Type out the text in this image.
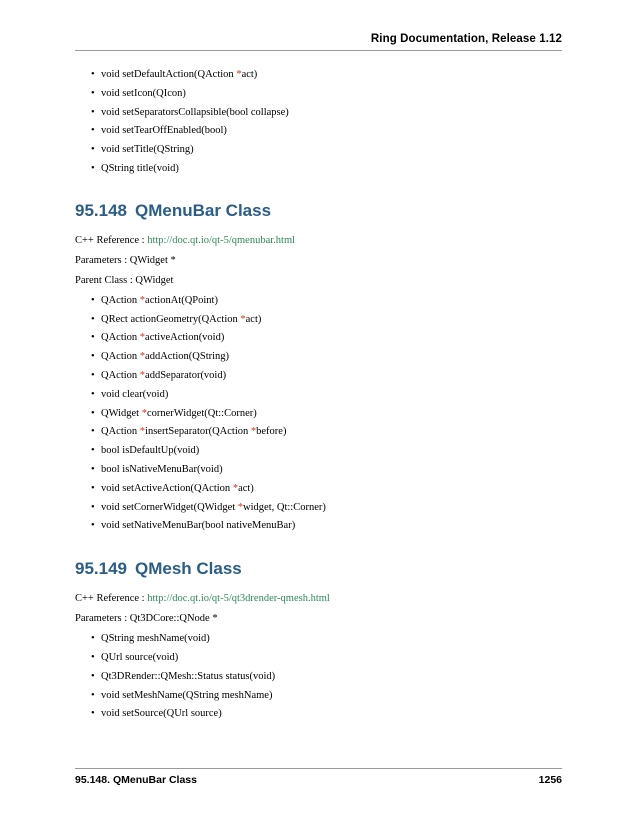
Ring Documentation, Release 1.12
• void setDefaultAction(QAction *act)
• void setIcon(QIcon)
• void setSeparatorsCollapsible(bool collapse)
• void setTearOffEnabled(bool)
• void setTitle(QString)
• QString title(void)
95.148 QMenuBar Class

C++ Reference : http://doc.qt.io/qt-5/qmenubar.html

Parameters : QWidget *

Parent Class : QWidget

• QAction *actionAt(QPoint)
• QRect actionGeometry(QAction *act)
• QAction *activeAction(void)
• QAction *addAction(QString)
• QAction *addSeparator(void)
• void clear(void)
• QWidget *cornerWidget(Qt::Corner)
• QAction *insertSeparator(QAction *before)
• bool isDefaultUp(void)
• bool isNativeMenuBar(void)
• void setActiveAction(QAction *act)
• void setCornerWidget(QWidget *widget, Qt::Corner)
• void setNativeMenuBar(bool nativeMenuBar)
95.149 QMesh Class

C++ Reference : http://doc.qt.io/qt-5/qt3drender-qmesh.html

Parameters : Qt3DCore::QNode *

• QString meshName(void)
• QUrl source(void)
• Qt3DRender::QMesh::Status status(void)
• void setMeshName(QString meshName)
• void setSource(QUrl source)
95.148. QMenuBar Class	1256
